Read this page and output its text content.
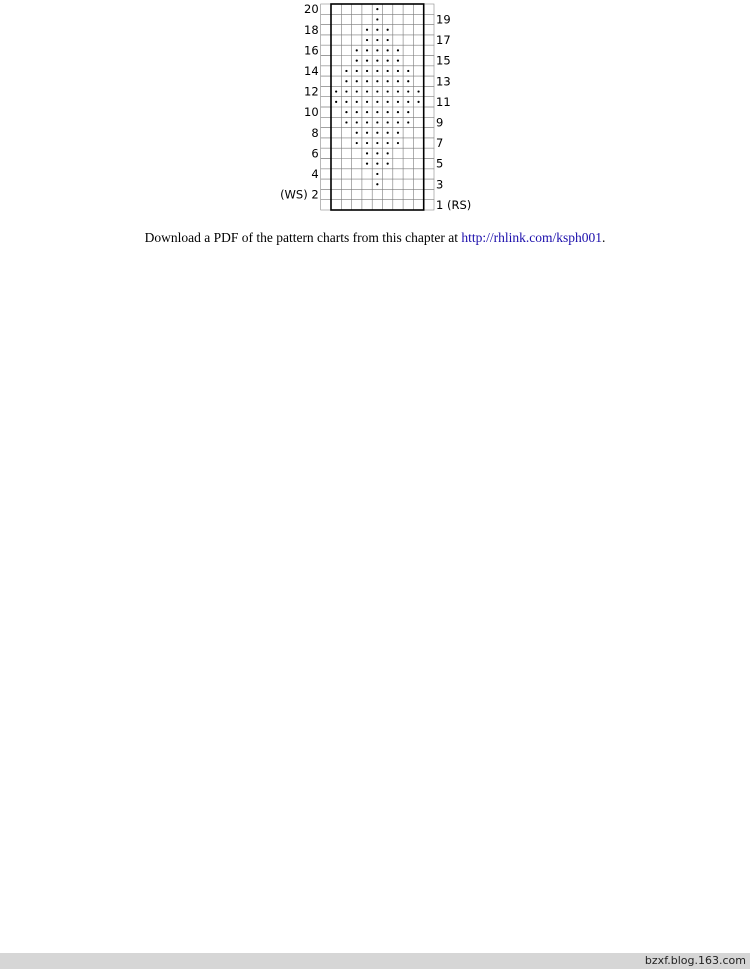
(WS) 2
4
6
8
10
12
14
16
18
20
1 (RS)
3
5
7
9
11
13
15
17
19
Download a PDF of the pattern charts from this chapter at http://rhlink.com/ksph001.
bzxf.blog.163.com
